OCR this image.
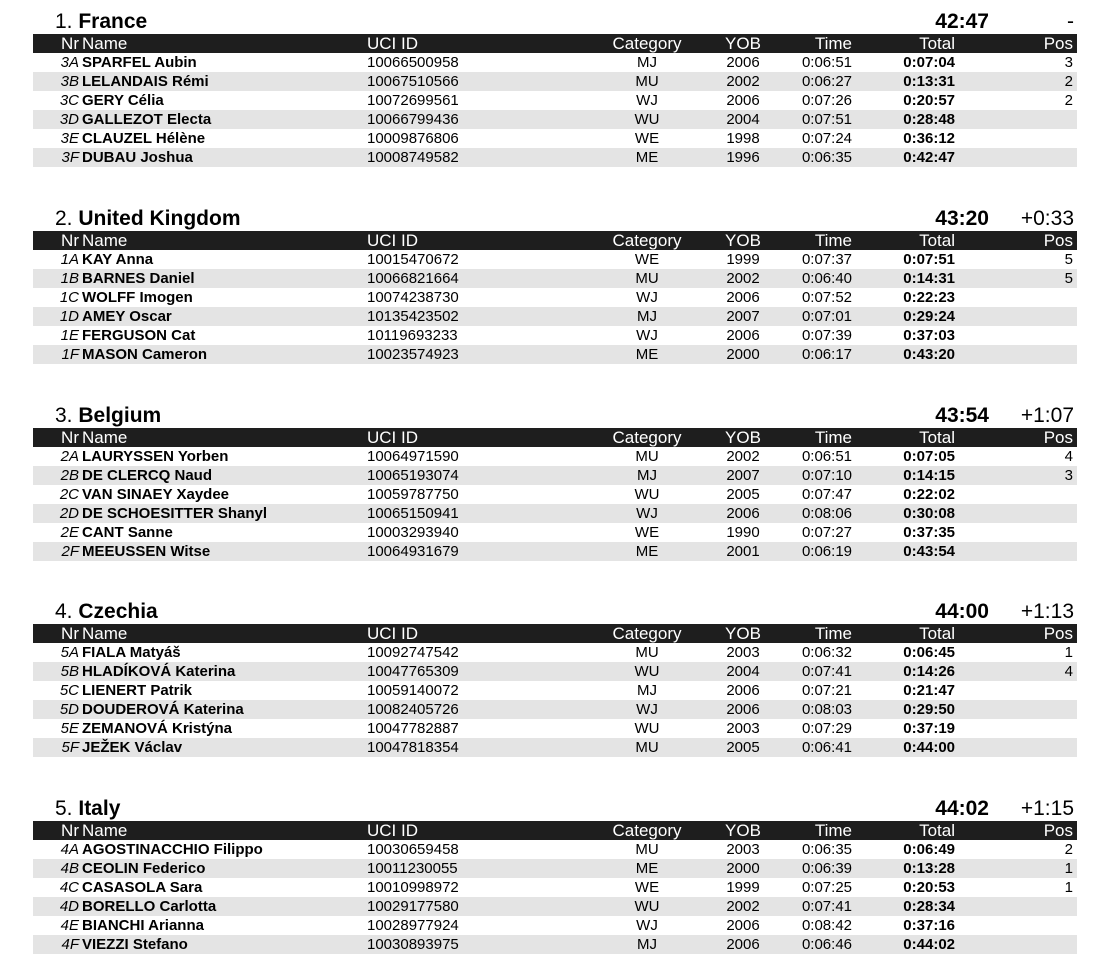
1. France	42:47	-
Nr Name	UCI ID	Category	YOB	Time	Total	Pos
3A SPARFEL Aubin	10066500958	MJ	2006	0:06:51	0:07:04	3
3B LELANDAIS Rémi	10067510566	MU	2002	0:06:27	0:13:31	2
3C GERY Célia	10072699561	WJ	2006	0:07:26	0:20:57	2
3D GALLEZOT Electa	10066799436	WU	2004	0:07:51	0:28:48
3E CLAUZEL Hélène	10009876806	WE	1998	0:07:24	0:36:12
3F DUBAU Joshua	10008749582	ME	1996	0:06:35	0:42:47
2. United Kingdom	43:20 +0:33
Nr Name	UCI ID	Category	YOB	Time	Total	Pos
1A KAY Anna	10015470672	WE	1999	0:07:37	0:07:51	5
1B BARNES Daniel	10066821664	MU	2002	0:06:40	0:14:31	5
1C WOLFF Imogen	10074238730	WJ	2006	0:07:52	0:22:23
1D AMEY Oscar	10135423502	MJ	2007	0:07:01	0:29:24
1E FERGUSON Cat	10119693233	WJ	2006	0:07:39	0:37:03
1F MASON Cameron	10023574923	ME	2000	0:06:17	0:43:20
3. Belgium	43:54 +1:07
Nr Name	UCI ID	Category	YOB	Time	Total	Pos
2A LAURYSSEN Yorben	10064971590	MU	2002	0:06:51	0:07:05	4
2B DE CLERCQ Naud	10065193074	MJ	2007	0:07:10	0:14:15	3
2C VAN SINAEY Xaydee	10059787750	WU	2005	0:07:47	0:22:02
2D DE SCHOESITTER Shanyl	10065150941	WJ	2006	0:08:06	0:30:08
2E CANT Sanne	10003293940	WE	1990	0:07:27	0:37:35
2F MEEUSSEN Witse	10064931679	ME	2001	0:06:19	0:43:54
4. Czechia	44:00 +1:13
Nr Name	UCI ID	Category	YOB	Time	Total	Pos
5A FIALA Matyáš	10092747542	MU	2003	0:06:32	0:06:45	1
5B HLADÍKOVÁ Katerina	10047765309	WU	2004	0:07:41	0:14:26	4
5C LIENERT Patrik	10059140072	MJ	2006	0:07:21	0:21:47
5D DOUDEROVÁ Katerina	10082405726	WJ	2006	0:08:03	0:29:50
5E ZEMANOVÁ Kristýna	10047782887	WU	2003	0:07:29	0:37:19
5F JEŽEK Václav	10047818354	MU	2005	0:06:41	0:44:00
5. Italy	44:02 +1:15
Nr Name	UCI ID	Category	YOB	Time	Total	Pos
4A AGOSTINACCHIO Filippo	10030659458	MU	2003	0:06:35	0:06:49	2
4B CEOLIN Federico	10011230055	ME	2000	0:06:39	0:13:28	1
4C CASASOLA Sara	10010998972	WE	1999	0:07:25	0:20:53	1
4D BORELLO Carlotta	10029177580	WU	2002	0:07:41	0:28:34
4E BIANCHI Arianna	10028977924	WJ	2006	0:08:42	0:37:16
4F VIEZZI Stefano	10030893975	MJ	2006	0:06:46	0:44:02
